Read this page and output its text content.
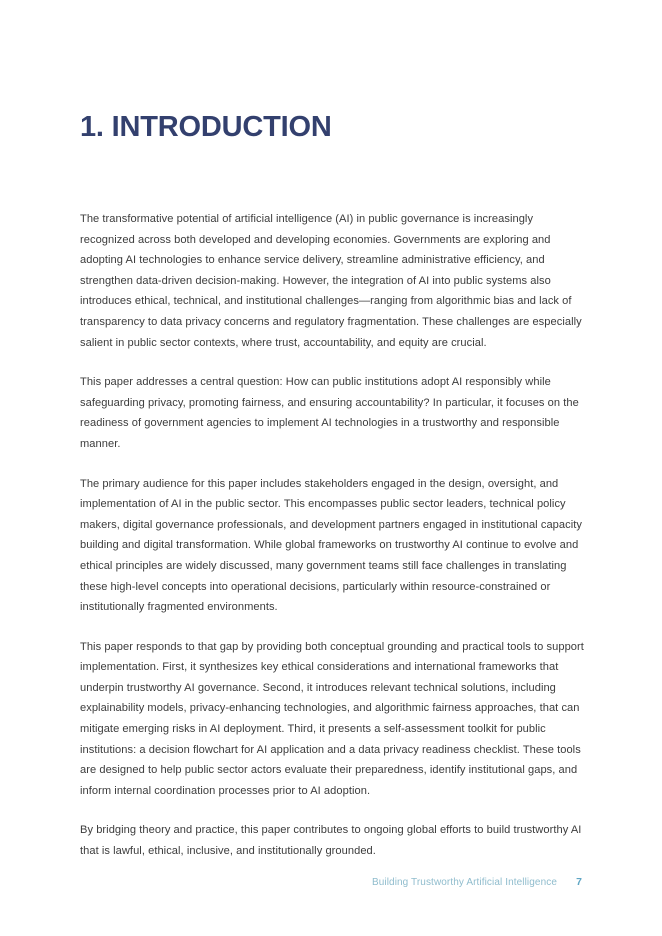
1. INTRODUCTION

The transformative potential of artificial intelligence (AI) in public governance is increasingly recognized across both developed and developing economies. Governments are exploring and adopting AI technologies to enhance service delivery, streamline administrative efficiency, and strengthen data-driven decision-making. However, the integration of AI into public systems also introduces ethical, technical, and institutional challenges—ranging from algorithmic bias and lack of transparency to data privacy concerns and regulatory fragmentation. These challenges are especially salient in public sector contexts, where trust, accountability, and equity are crucial.

This paper addresses a central question: How can public institutions adopt AI responsibly while safeguarding privacy, promoting fairness, and ensuring accountability? In particular, it focuses on the readiness of government agencies to implement AI technologies in a trustworthy and responsible manner.

The primary audience for this paper includes stakeholders engaged in the design, oversight, and implementation of AI in the public sector. This encompasses public sector leaders, technical policy makers, digital governance professionals, and development partners engaged in institutional capacity building and digital transformation. While global frameworks on trustworthy AI continue to evolve and ethical principles are widely discussed, many government teams still face challenges in translating these high-level concepts into operational decisions, particularly within resource-constrained or institutionally fragmented environments.

This paper responds to that gap by providing both conceptual grounding and practical tools to support implementation. First, it synthesizes key ethical considerations and international frameworks that underpin trustworthy AI governance. Second, it introduces relevant technical solutions, including explainability models, privacy-enhancing technologies, and algorithmic fairness approaches, that can mitigate emerging risks in AI deployment. Third, it presents a self-assessment toolkit for public institutions: a decision flowchart for AI application and a data privacy readiness checklist. These tools are designed to help public sector actors evaluate their preparedness, identify institutional gaps, and inform internal coordination processes prior to AI adoption.

By bridging theory and practice, this paper contributes to ongoing global efforts to build trustworthy AI that is lawful, ethical, inclusive, and institutionally grounded.

Building Trustworthy Artificial Intelligence 7
